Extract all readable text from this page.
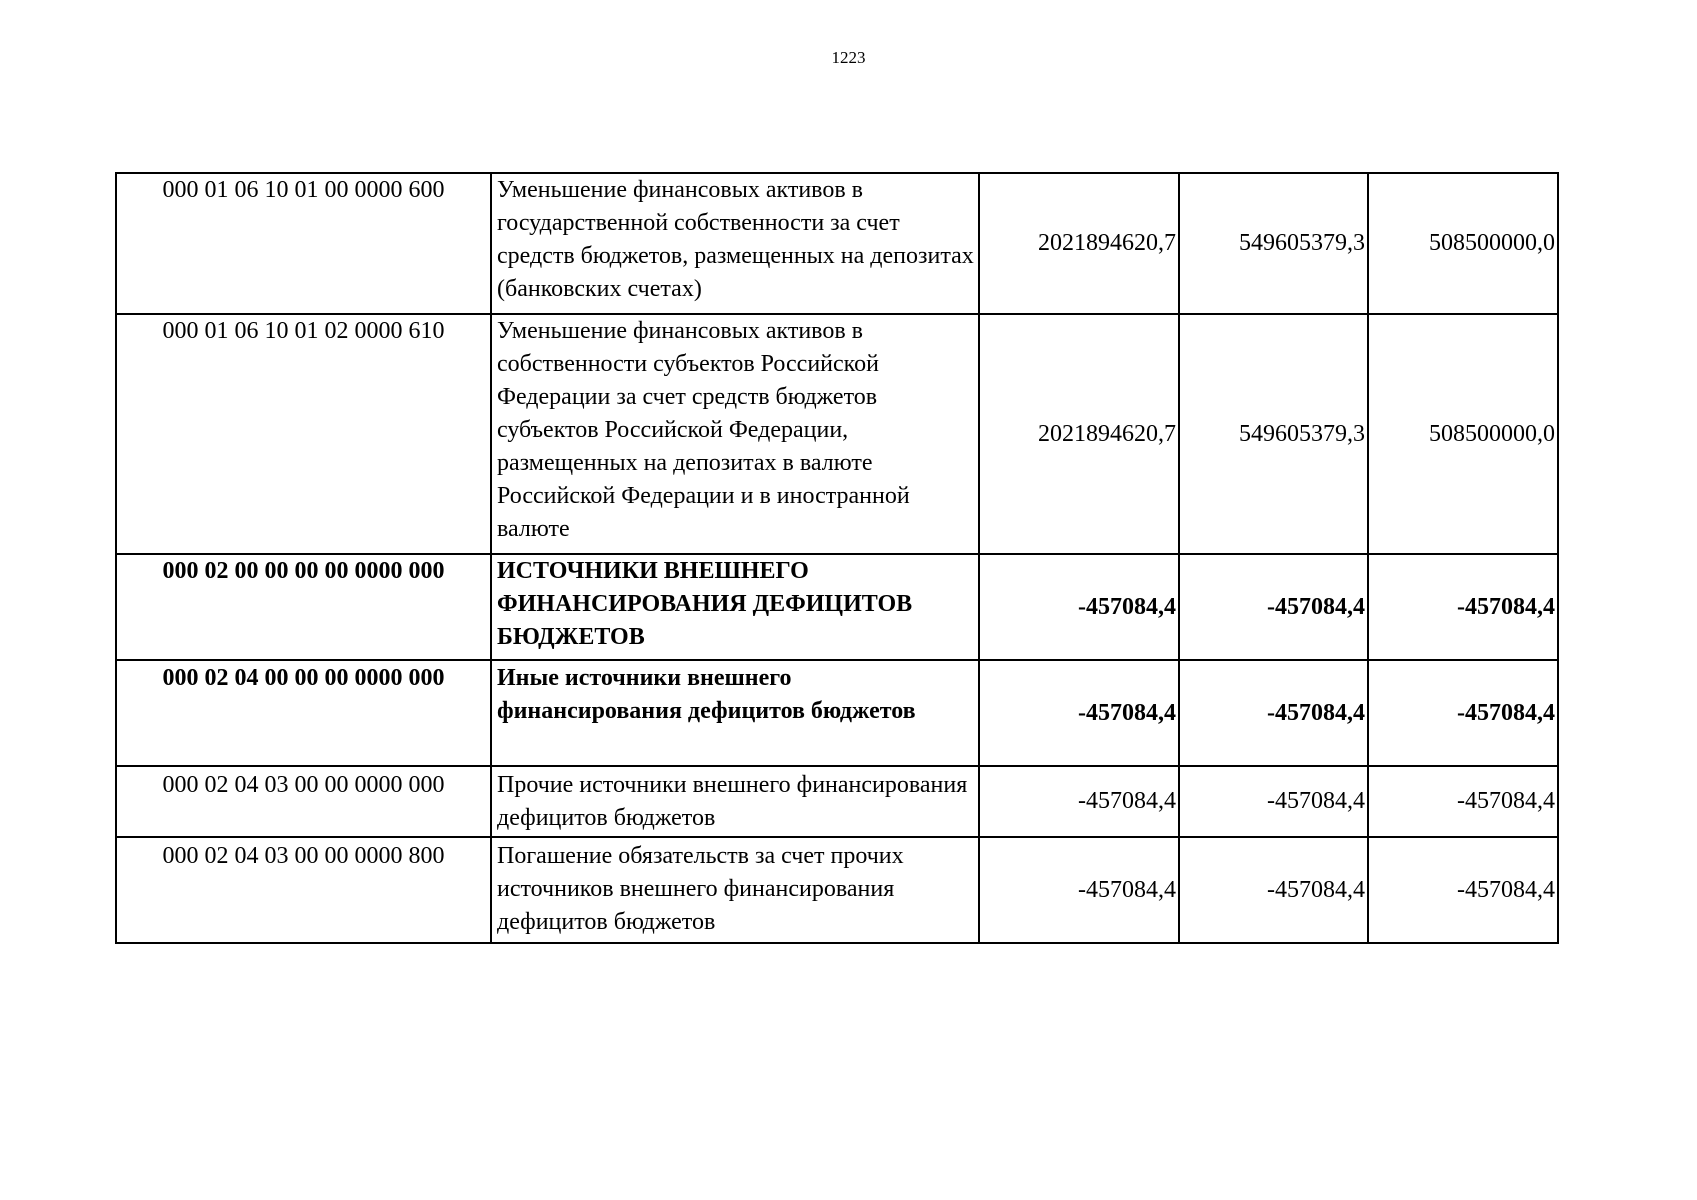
1223
000 01 06 10 01 00 0000 600	Уменьшение финансовых активов в государственной собственности за счет средств бюджетов, размещенных на депозитах (банковских счетах)	2021894620,7	549605379,3	508500000,0
000 01 06 10 01 02 0000 610	Уменьшение финансовых активов в собственности субъектов Российской Федерации за счет средств бюджетов субъектов Российской Федерации, размещенных на депозитах в валюте Российской Федерации и в иностранной валюте	2021894620,7	549605379,3	508500000,0
000 02 00 00 00 00 0000 000	ИСТОЧНИКИ ВНЕШНЕГО ФИНАНСИРОВАНИЯ ДЕФИЦИТОВ БЮДЖЕТОВ	-457084,4	-457084,4	-457084,4
000 02 04 00 00 00 0000 000	Иные источники внешнего финансирования дефицитов бюджетов	-457084,4	-457084,4	-457084,4
000 02 04 03 00 00 0000 000	Прочие источники внешнего финансирования дефицитов бюджетов	-457084,4	-457084,4	-457084,4
000 02 04 03 00 00 0000 800	Погашение обязательств за счет прочих источников внешнего финансирования дефицитов бюджетов	-457084,4	-457084,4	-457084,4
